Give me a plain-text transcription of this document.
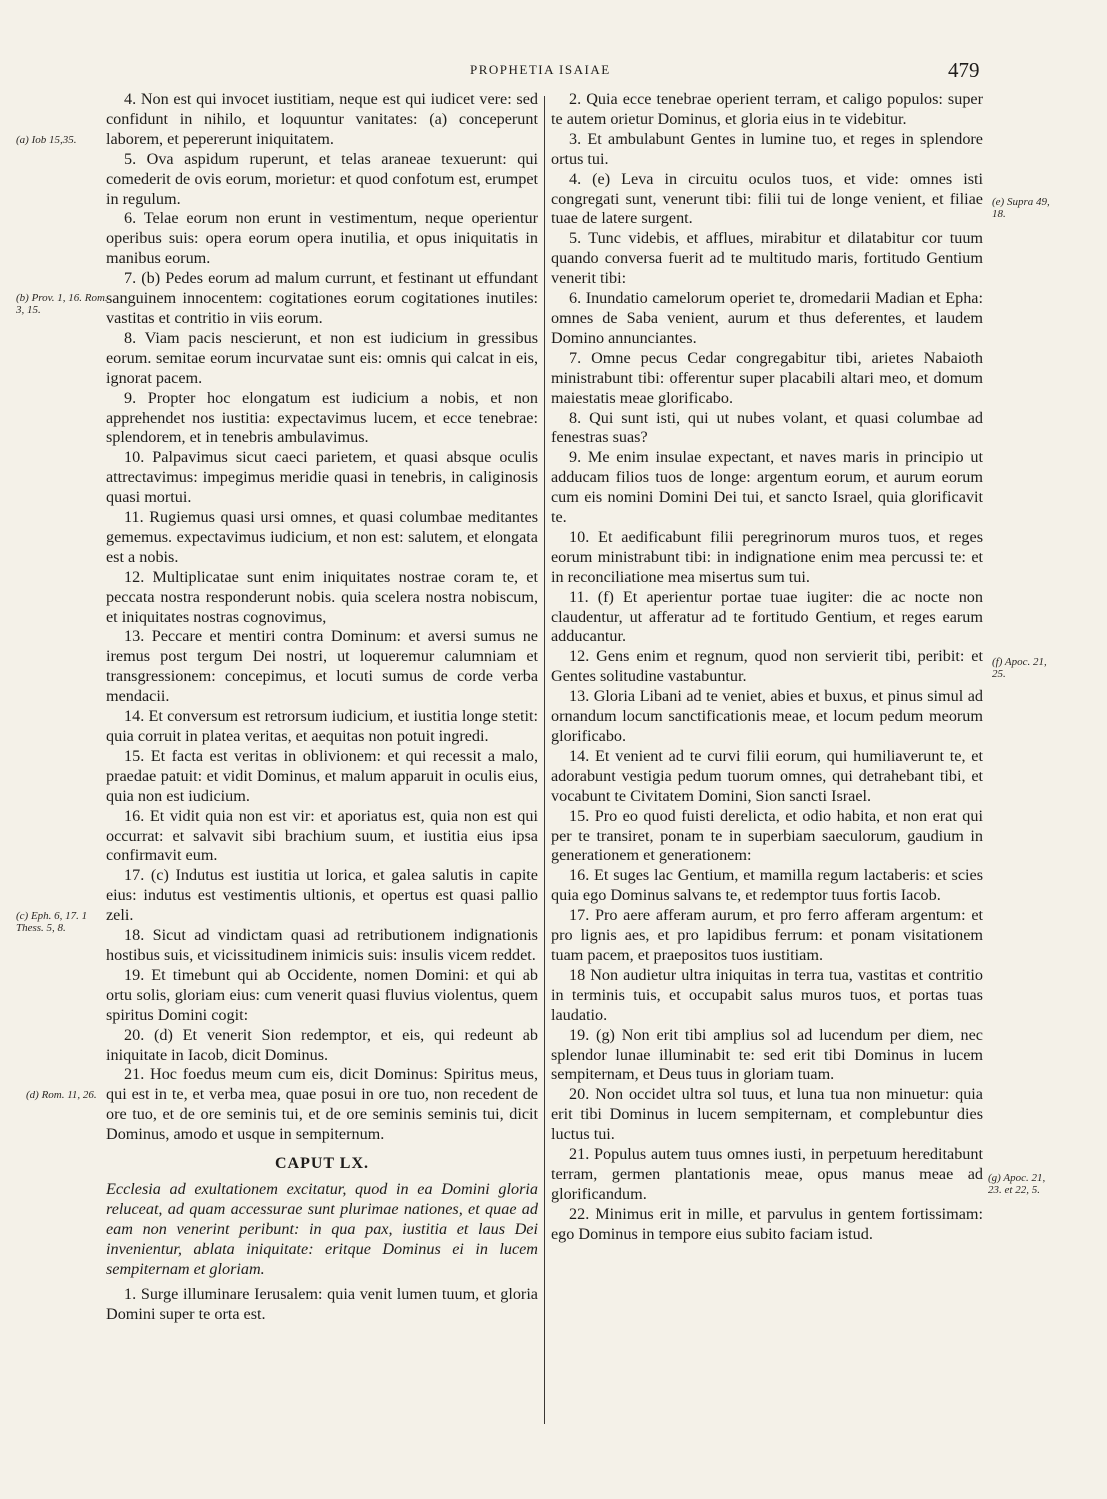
PROPHETIA ISAIAE	479

4. Non est qui invocet iustitiam, neque est qui iudicet vere: sed confidunt in nihilo, et loquuntur vanitates: (a) conceperunt laborem, et pepererunt iniquitatem.

5. Ova aspidum ruperunt, et telas araneae texuerunt: qui comederit de ovis eorum, morietur: et quod confotum est, erumpet in regulum.

6. Telae eorum non erunt in vestimentum, neque operientur operibus suis: opera eorum opera inutilia, et opus iniquitatis in manibus eorum.

7. (b) Pedes eorum ad malum currunt, et festinant ut effundant sanguinem innocentem: cogitationes eorum cogitationes inutiles: vastitas et contritio in viis eorum.

8. Viam pacis nescierunt, et non est iudicium in gressibus eorum. semitae eorum incurvatae sunt eis: omnis qui calcat in eis, ignorat pacem.

9. Propter hoc elongatum est iudicium a nobis, et non apprehendet nos iustitia: expectavimus lucem, et ecce tenebrae: splendorem, et in tenebris ambulavimus.

10. Palpavimus sicut caeci parietem, et quasi absque oculis attrectavimus: impegimus meridie quasi in tenebris, in caliginosis quasi mortui.

11. Rugiemus quasi ursi omnes, et quasi columbae meditantes gememus. expectavimus iudicium, et non est: salutem, et elongata est a nobis.

12. Multiplicatae sunt enim iniquitates nostrae coram te, et peccata nostra responderunt nobis. quia scelera nostra nobiscum, et iniquitates nostras cognovimus,

13. Peccare et mentiri contra Dominum: et aversi sumus ne iremus post tergum Dei nostri, ut loqueremur calumniam et transgressionem: concepimus, et locuti sumus de corde verba mendacii.

14. Et conversum est retrorsum iudicium, et iustitia longe stetit: quia corruit in platea veritas, et aequitas non potuit ingredi.

15. Et facta est veritas in oblivionem: et qui recessit a malo, praedae patuit: et vidit Dominus, et malum apparuit in oculis eius, quia non est iudicium.

16. Et vidit quia non est vir: et aporiatus est, quia non est qui occurrat: et salvavit sibi brachium suum, et iustitia eius ipsa confirmavit eum.

17. (c) Indutus est iustitia ut lorica, et galea salutis in capite eius: indutus est vestimentis ultionis, et opertus est quasi pallio zeli.

18. Sicut ad vindictam quasi ad retributionem indignationis hostibus suis, et vicissitudinem inimicis suis: insulis vicem reddet.

19. Et timebunt qui ab Occidente, nomen Domini: et qui ab ortu solis, gloriam eius: cum venerit quasi fluvius violentus, quem spiritus Domini cogit:

20. (d) Et venerit Sion redemptor, et eis, qui redeunt ab iniquitate in Iacob, dicit Dominus.

21. Hoc foedus meum cum eis, dicit Dominus: Spiritus meus, qui est in te, et verba mea, quae posui in ore tuo, non recedent de ore tuo, et de ore seminis tui, et de ore seminis seminis tui, dicit Dominus, amodo et usque in sempiternum.

CAPUT LX.

Ecclesia ad exultationem excitatur, quod in ea Domini gloria reluceat, ad quam accessurae sunt plurimae nationes, et quae ad eam non venerint peribunt: in qua pax, iustitia et laus Dei invenientur, ablata iniquitate: eritque Dominus ei in lucem sempiternam et gloriam.

1. Surge illuminare Ierusalem: quia venit lumen tuum, et gloria Domini super te orta est.

2. Quia ecce tenebrae operient terram, et caligo populos: super te autem orietur Dominus, et gloria eius in te videbitur.

3. Et ambulabunt Gentes in lumine tuo, et reges in splendore ortus tui.

4. (e) Leva in circuitu oculos tuos, et vide: omnes isti congregati sunt, venerunt tibi: filii tui de longe venient, et filiae tuae de latere surgent.

5. Tunc videbis, et afflues, mirabitur et dilatabitur cor tuum quando conversa fuerit ad te multitudo maris, fortitudo Gentium venerit tibi:

6. Inundatio camelorum operiet te, dromedarii Madian et Epha: omnes de Saba venient, aurum et thus deferentes, et laudem Domino annunciantes.

7. Omne pecus Cedar congregabitur tibi, arietes Nabaioth ministrabunt tibi: offerentur super placabili altari meo, et domum maiestatis meae glorificabo.

8. Qui sunt isti, qui ut nubes volant, et quasi columbae ad fenestras suas?

9. Me enim insulae expectant, et naves maris in principio ut adducam filios tuos de longe: argentum eorum, et aurum eorum cum eis nomini Domini Dei tui, et sancto Israel, quia glorificavit te.

10. Et aedificabunt filii peregrinorum muros tuos, et reges eorum ministrabunt tibi: in indignatione enim mea percussi te: et in reconciliatione mea misertus sum tui.

11. (f) Et aperientur portae tuae iugiter: die ac nocte non claudentur, ut afferatur ad te fortitudo Gentium, et reges earum adducantur.

12. Gens enim et regnum, quod non servierit tibi, peribit: et Gentes solitudine vastabuntur.

13. Gloria Libani ad te veniet, abies et buxus, et pinus simul ad ornandum locum sanctificationis meae, et locum pedum meorum glorificabo.

14. Et venient ad te curvi filii eorum, qui humiliaverunt te, et adorabunt vestigia pedum tuorum omnes, qui detrahebant tibi, et vocabunt te Civitatem Domini, Sion sancti Israel.

15. Pro eo quod fuisti derelicta, et odio habita, et non erat qui per te transiret, ponam te in superbiam saeculorum, gaudium in generationem et generationem:

16. Et suges lac Gentium, et mamilla regum lactaberis: et scies quia ego Dominus salvans te, et redemptor tuus fortis Iacob.

17. Pro aere afferam aurum, et pro ferro afferam argentum: et pro lignis aes, et pro lapidibus ferrum: et ponam visitationem tuam pacem, et praepositos tuos iustitiam.

18 Non audietur ultra iniquitas in terra tua, vastitas et contritio in terminis tuis, et occupabit salus muros tuos, et portas tuas laudatio.

19. (g) Non erit tibi amplius sol ad lucendum per diem, nec splendor lunae illuminabit te: sed erit tibi Dominus in lucem sempiternam, et Deus tuus in gloriam tuam.

20. Non occidet ultra sol tuus, et luna tua non minuetur: quia erit tibi Dominus in lucem sempiternam, et complebuntur dies luctus tui.

21. Populus autem tuus omnes iusti, in perpetuum hereditabunt terram, germen plantationis meae, opus manus meae ad glorificandum.

22. Minimus erit in mille, et parvulus in gentem fortissimam: ego Dominus in tempore eius subito faciam istud.

(a) Iob 15,35.
(b) Prov. 1, 16. Rom. 3, 15.
(c) Eph. 6, 17. 1 Thess. 5, 8.
(d) Rom. 11, 26.
(e) Supra 49, 18.
(f) Apoc. 21, 25.
(g) Apoc. 21, 23. et 22, 5.
